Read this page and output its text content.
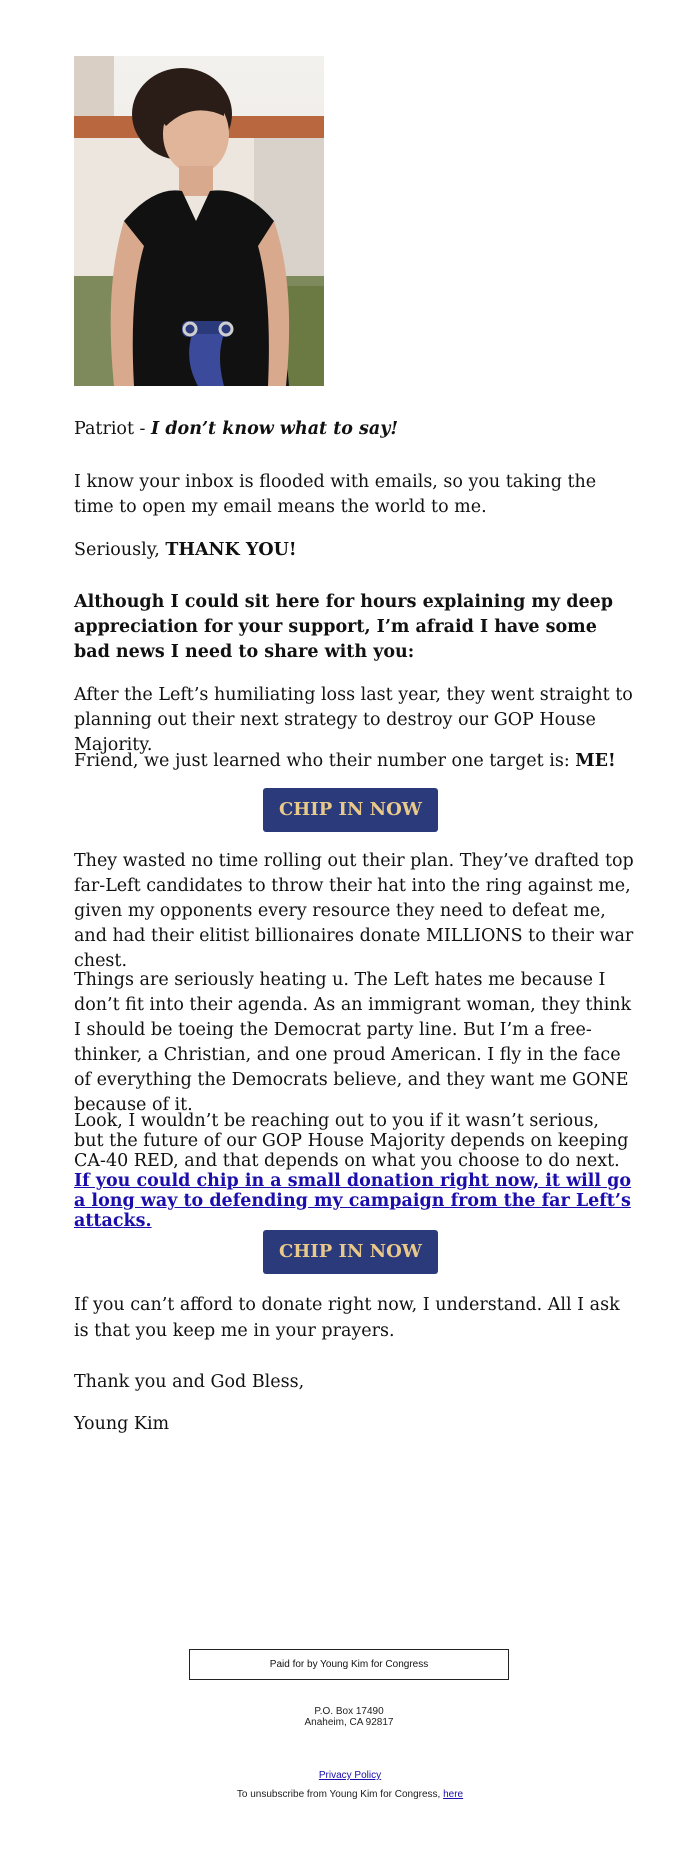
Patriot - I don’t know what to say!

I know your inbox is flooded with emails, so you taking the time to open my email means the world to me.

Seriously, THANK YOU!

Although I could sit here for hours explaining my deep appreciation for your support, I’m afraid I have some bad news I need to share with you:

After the Left’s humiliating loss last year, they went straight to planning out their next strategy to destroy our GOP House Majority.

Friend, we just learned who their number one target is: ME!

CHIP IN NOW

They wasted no time rolling out their plan. They’ve drafted top far-Left candidates to throw their hat into the ring against me, given my opponents every resource they need to defeat me, and had their elitist billionaires donate MILLIONS to their war chest.

Things are seriously heating u. The Left hates me because I don’t fit into their agenda. As an immigrant woman, they think I should be toeing the Democrat party line. But I’m a free-thinker, a Christian, and one proud American. I fly in the face of everything the Democrats believe, and they want me GONE because of it.

Look, I wouldn’t be reaching out to you if it wasn’t serious, but the future of our GOP House Majority depends on keeping CA-40 RED, and that depends on what you choose to do next. If you could chip in a small donation right now, it will go a long way to defending my campaign from the far Left’s attacks.

CHIP IN NOW

If you can’t afford to donate right now, I understand. All I ask is that you keep me in your prayers.

Thank you and God Bless,

Young Kim

Paid for by Young Kim for Congress
P.O. Box 17490
Anaheim, CA 92817
Privacy Policy
To unsubscribe from Young Kim for Congress, here
